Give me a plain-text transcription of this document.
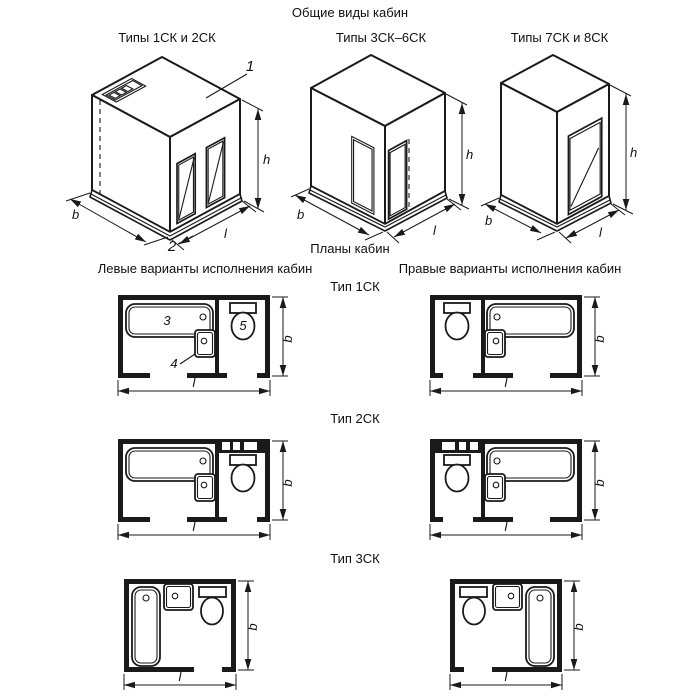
Общие виды кабин
Типы 1СК и 2СК
1
2
h
b
l
Типы 3СК–6СК
h
b
l
Типы 7СК и 8СК
h
b
l
Планы кабин
Левые варианты исполнения кабин	Правые варианты исполнения кабин
Тип 1СК
3
4
5
b
l
b
l
Тип 2СК
b
l
b
l
Тип 3СК
b
l
b
l
